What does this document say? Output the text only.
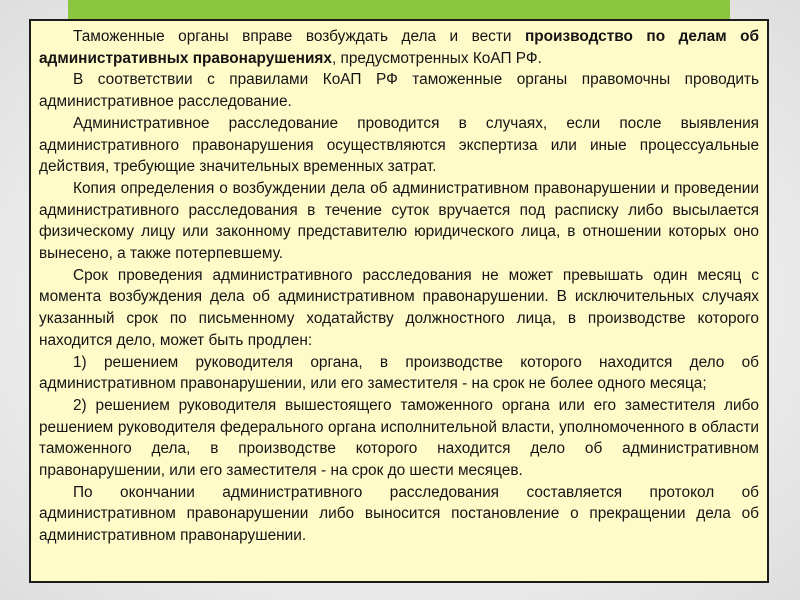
Таможенные органы вправе возбуждать дела и вести производство по делам об административных правонарушениях, предусмотренных КоАП РФ.

В соответствии с правилами КоАП РФ таможенные органы правомочны проводить административное расследование.

Административное расследование проводится в случаях, если после выявления административного правонарушения осуществляются экспертиза или иные процессуальные действия, требующие значительных временных затрат.

Копия определения о возбуждении дела об административном правонарушении и проведении административного расследования в течение суток вручается под расписку либо высылается физическому лицу или законному представителю юридического лица, в отношении которых оно вынесено, а также потерпевшему.

Срок проведения административного расследования не может превышать один месяц с момента возбуждения дела об административном правонарушении. В исключительных случаях указанный срок по письменному ходатайству должностного лица, в производстве которого находится дело, может быть продлен:

1) решением руководителя органа, в производстве которого находится дело об административном правонарушении, или его заместителя - на срок не более одного месяца;

2) решением руководителя вышестоящего таможенного органа или его заместителя либо решением руководителя федерального органа исполнительной власти, уполномоченного в области таможенного дела, в производстве которого находится дело об административном правонарушении, или его заместителя - на срок до шести месяцев.

По окончании административного расследования составляется протокол об административном правонарушении либо выносится постановление о прекращении дела об административном правонарушении.
